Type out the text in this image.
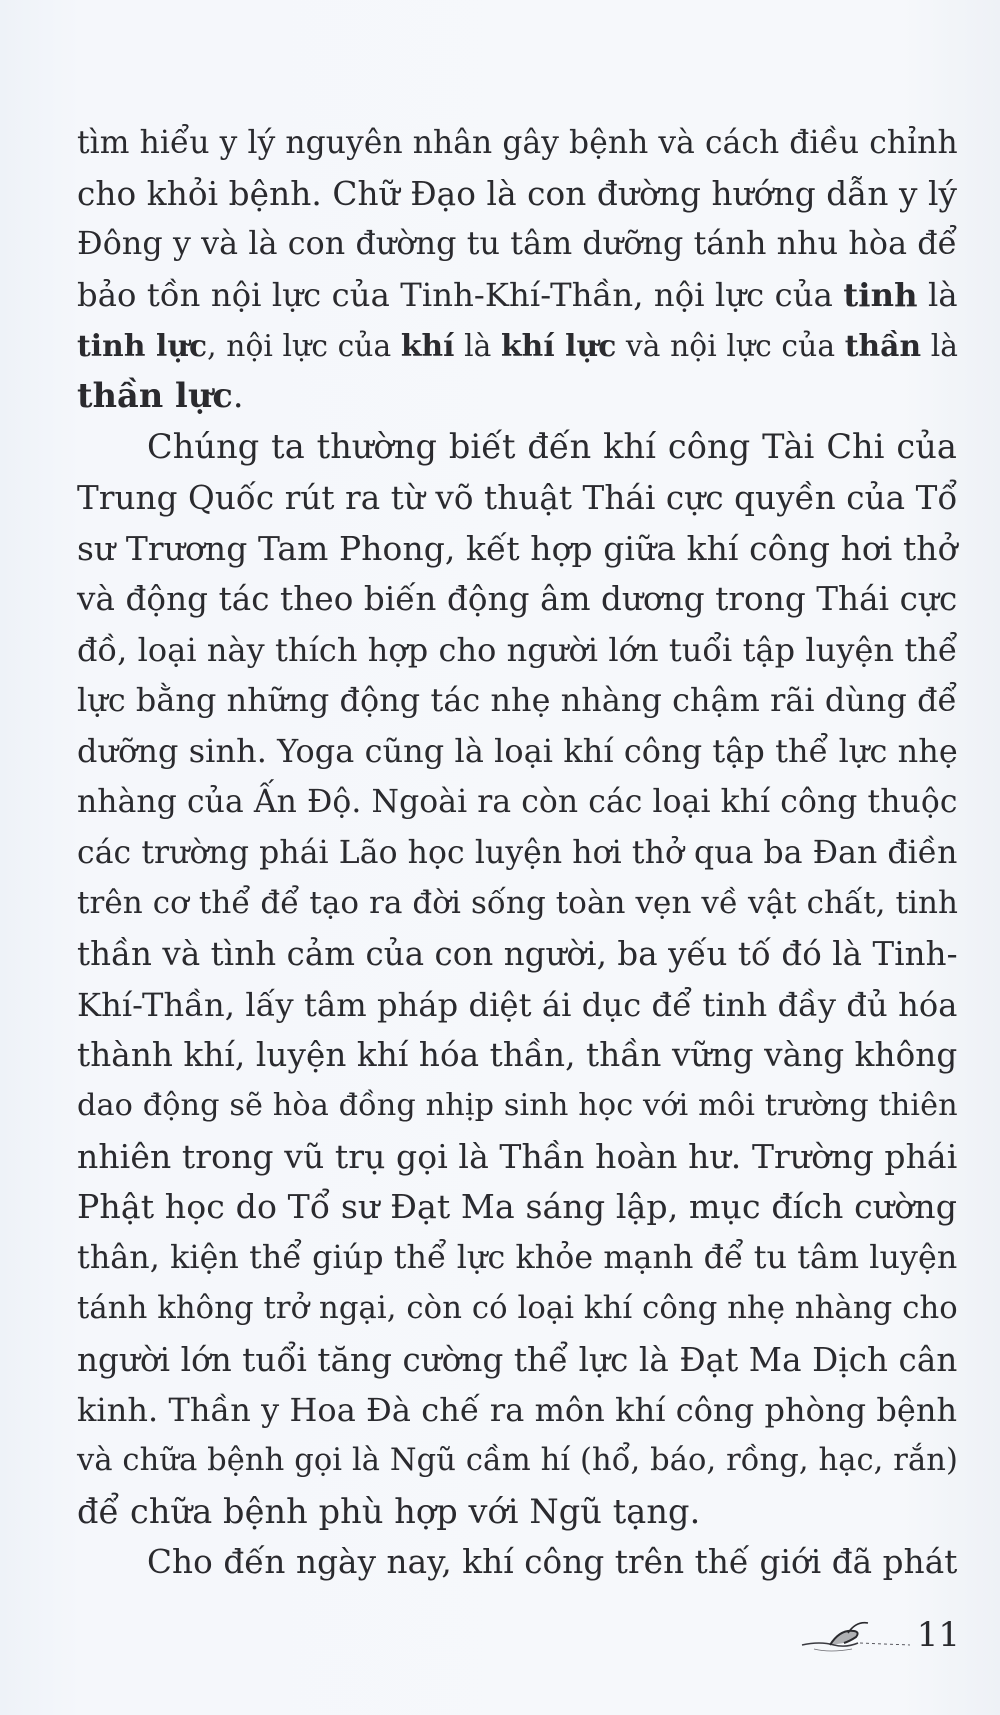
tìm hiểu y lý nguyên nhân gây bệnh và cách điều chỉnh
cho khỏi bệnh. Chữ Đạo là con đường hướng dẫn y lý
Đông y và là con đường tu tâm dưỡng tánh nhu hòa để
bảo tồn nội lực của Tinh-Khí-Thần, nội lực của tinh là
tinh lực, nội lực của khí là khí lực và nội lực của thần là
thần lực.
Chúng ta thường biết đến khí công Tài Chi của
Trung Quốc rút ra từ võ thuật Thái cực quyền của Tổ
sư Trương Tam Phong, kết hợp giữa khí công hơi thở
và động tác theo biến động âm dương trong Thái cực
đồ, loại này thích hợp cho người lớn tuổi tập luyện thể
lực bằng những động tác nhẹ nhàng chậm rãi dùng để
dưỡng sinh. Yoga cũng là loại khí công tập thể lực nhẹ
nhàng của Ấn Độ. Ngoài ra còn các loại khí công thuộc
các trường phái Lão học luyện hơi thở qua ba Đan điền
trên cơ thể để tạo ra đời sống toàn vẹn về vật chất, tinh
thần và tình cảm của con người, ba yếu tố đó là Tinh-
Khí-Thần, lấy tâm pháp diệt ái dục để tinh đầy đủ hóa
thành khí, luyện khí hóa thần, thần vững vàng không
dao động sẽ hòa đồng nhịp sinh học với môi trường thiên
nhiên trong vũ trụ gọi là Thần hoàn hư. Trường phái
Phật học do Tổ sư Đạt Ma sáng lập, mục đích cường
thân, kiện thể giúp thể lực khỏe mạnh để tu tâm luyện
tánh không trở ngại, còn có loại khí công nhẹ nhàng cho
người lớn tuổi tăng cường thể lực là Đạt Ma Dịch cân
kinh. Thần y Hoa Đà chế ra môn khí công phòng bệnh
và chữa bệnh gọi là Ngũ cầm hí (hổ, báo, rồng, hạc, rắn)
để chữa bệnh phù hợp với Ngũ tạng.
Cho đến ngày nay, khí công trên thế giới đã phát
11
